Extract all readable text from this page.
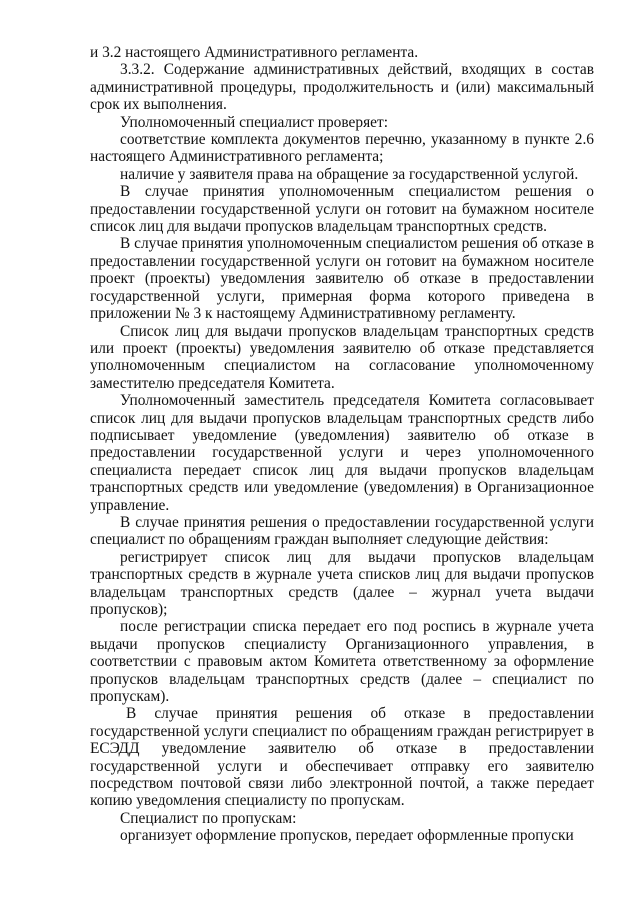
и 3.2 настоящего Административного регламента.

3.3.2. Содержание административных действий, входящих в состав административной процедуры, продолжительность и (или) максимальный срок их выполнения.

Уполномоченный специалист проверяет:

соответствие комплекта документов перечню, указанному в пункте 2.6 настоящего Административного регламента;

наличие у заявителя права на обращение за государственной услугой.

В случае принятия уполномоченным специалистом решения о предоставлении государственной услуги он готовит на бумажном носителе список лиц для выдачи пропусков владельцам транспортных средств.

В случае принятия уполномоченным специалистом решения об отказе в предоставлении государственной услуги он готовит на бумажном носителе проект (проекты) уведомления заявителю об отказе в предоставлении государственной услуги, примерная форма которого приведена в приложении № 3 к настоящему Административному регламенту.

Список лиц для выдачи пропусков владельцам транспортных средств или проект (проекты) уведомления заявителю об отказе представляется уполномоченным специалистом на согласование уполномоченному заместителю председателя Комитета.

Уполномоченный заместитель председателя Комитета согласовывает список лиц для выдачи пропусков владельцам транспортных средств либо подписывает уведомление (уведомления) заявителю об отказе в предоставлении государственной услуги и через уполномоченного специалиста передает список лиц для выдачи пропусков владельцам транспортных средств или уведомление (уведомления) в Организационное управление.

В случае принятия решения о предоставлении государственной услуги специалист по обращениям граждан выполняет следующие действия:

регистрирует список лиц для выдачи пропусков владельцам транспортных средств в журнале учета списков лиц для выдачи пропусков владельцам транспортных средств (далее – журнал учета выдачи пропусков);

после регистрации списка передает его под роспись в журнале учета выдачи пропусков специалисту Организационного управления, в соответствии с правовым актом Комитета ответственному за оформление пропусков владельцам транспортных средств (далее – специалист по пропускам).

В случае принятия решения об отказе в предоставлении государственной услуги специалист по обращениям граждан регистрирует в ЕСЭДД уведомление заявителю об отказе в предоставлении государственной услуги и обеспечивает отправку его заявителю посредством почтовой связи либо электронной почтой, а также передает копию уведомления специалисту по пропускам.

Специалист по пропускам:

организует оформление пропусков, передает оформленные пропуски
